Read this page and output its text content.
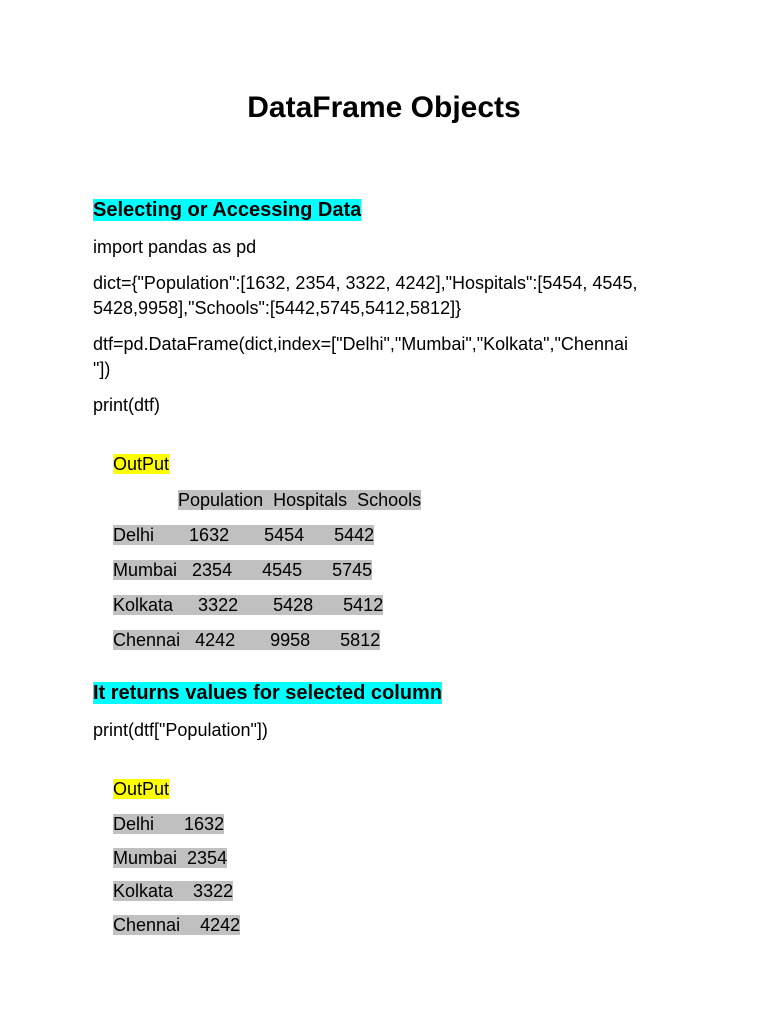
DataFrame Objects
Selecting or Accessing Data
import pandas as pd
dict={"Population":[1632, 2354, 3322, 4242],"Hospitals":[5454, 4545,
5428,9958],"Schools":[5442,5745,5412,5812]}
dtf=pd.DataFrame(dict,index=["Delhi","Mumbai","Kolkata","Chennai
"])
print(dtf)

OutPut

Population  Hospitals  Schools

Delhi       1632       5454      5442

Mumbai   2354      4545      5745

Kolkata     3322       5428      5412

Chennai   4242       9958      5812

It returns values for selected column
print(dtf["Population"])

OutPut

Delhi      1632

Mumbai  2354

Kolkata    3322

Chennai    4242
